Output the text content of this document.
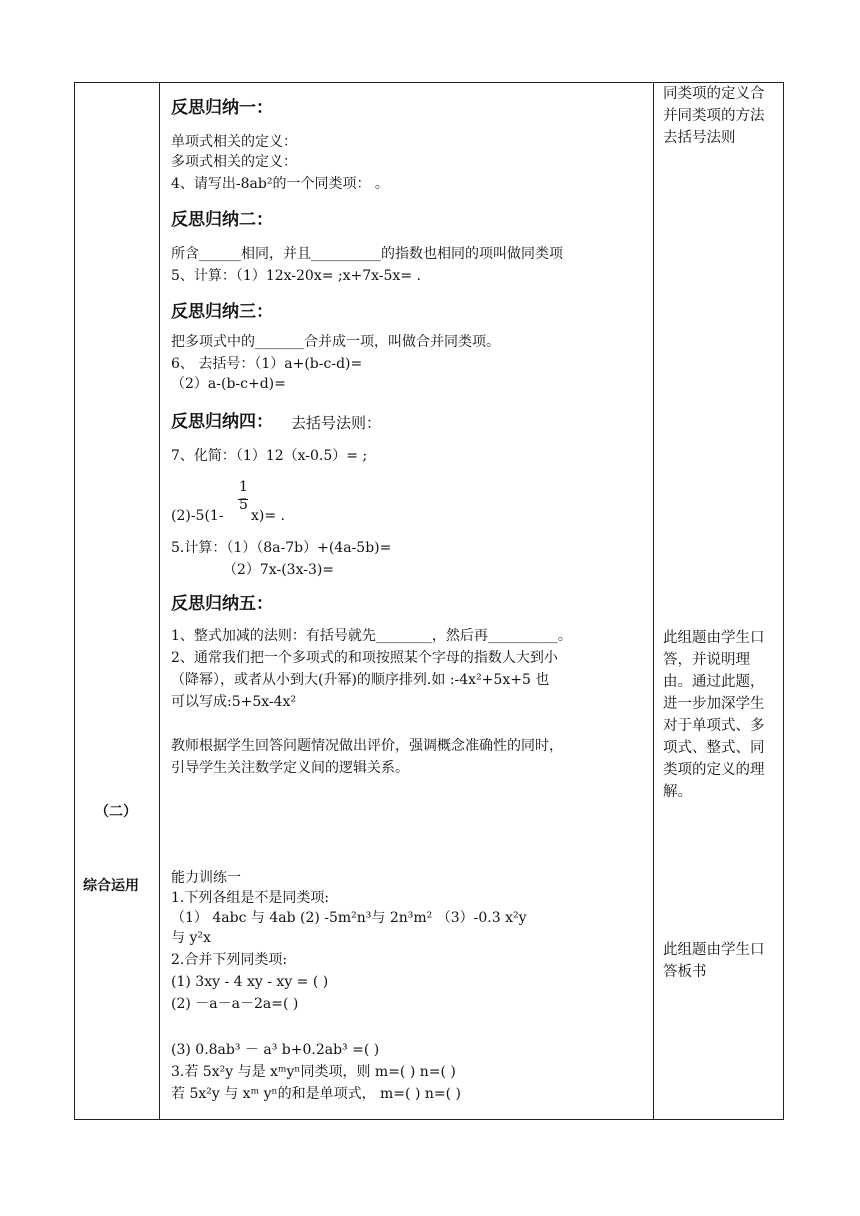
（二）
综合运用
反思归纳一：
单项式相关的定义：
多项式相关的定义：
4、请写出-8ab²的一个同类项： 。
反思归纳二：
所含______相同，并且__________的指数也相同的项叫做同类项
5、计算：（1）12x-20x= ;x+7x-5x= .
反思归纳三：
把多项式中的_______合并成一项，叫做合并同类项。
6、 去括号：（1）a+(b-c-d)=
（2）a-(b-c+d)=
反思归纳四： 去括号法则：
7、化简：（1）12（x-0.5）= ;
1
5
(2)-5(1- x)= .
5.计算：（1）（8a-7b）+(4a-5b)=
（2）7x-(3x-3)=
反思归纳五：
1、整式加减的法则：有括号就先________，然后再__________。
2、通常我们把一个多项式的和项按照某个字母的指数人大到小
（降幂），或者从小到大(升幂)的顺序排列.如 :-4x²+5x+5 也
可以写成:5+5x-4x²
教师根据学生回答问题情况做出评价，强调概念准确性的同时，
引导学生关注数学定义间的逻辑关系。
能力训练一
1.下列各组是不是同类项:
（1） 4abc 与 4ab (2) -5m²n³与 2n³m² （3）-0.3 x²y
与 y²x
2.合并下列同类项:
(1) 3xy - 4 xy - xy = ( )
(2) －a－a－2a=( )
(3) 0.8ab³ － a³ b+0.2ab³ =( )
3.若 5x²y 与是 xᵐyⁿ同类项，则 m=( ) n=( )
若 5x²y 与 xᵐ yⁿ的和是单项式， m=( ) n=( )
同类项的定义合并同类项的方法去括号法则
此组题由学生口答，并说明理由。通过此题，进一步加深学生对于单项式、多项式、整式、同类项的定义的理解。
此组题由学生口答板书
